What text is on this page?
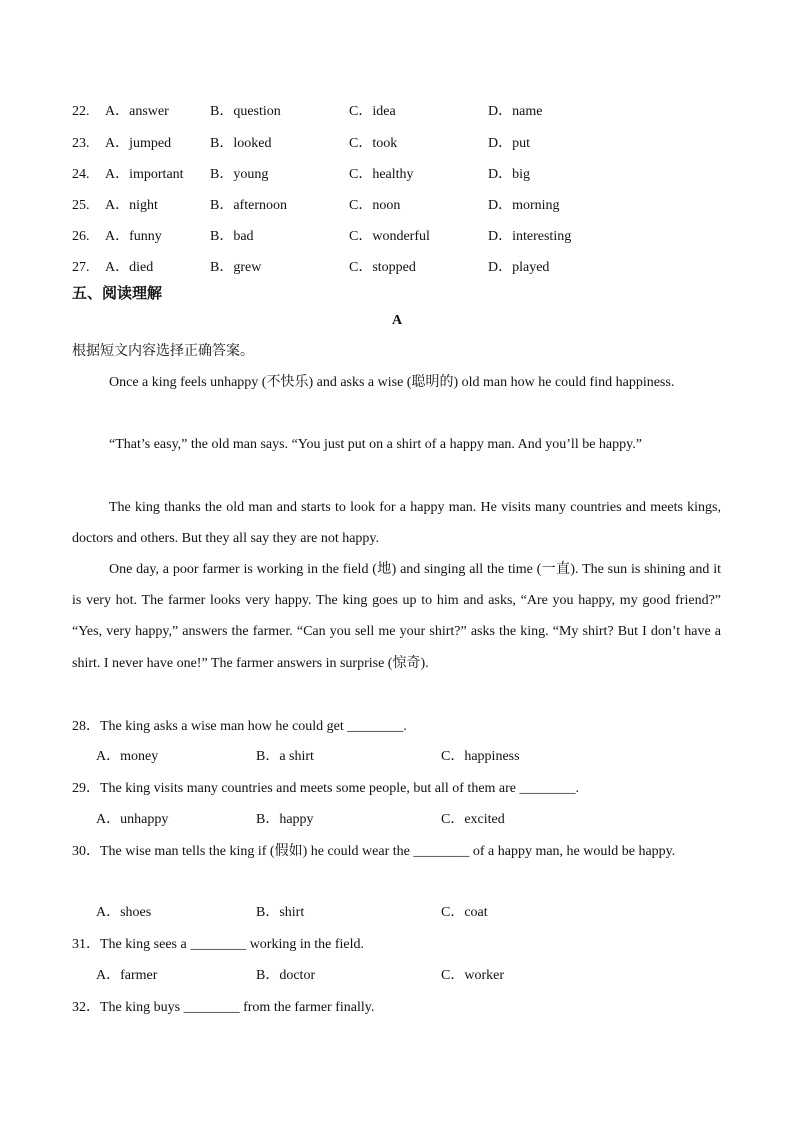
22. A．answer	B．question	C．idea	D．name
23. A．jumped	B．looked	C．took	D．put
24. A．important B．young	C．healthy	D．big
25. A．night	B．afternoon	C．noon	D．morning
26. A．funny	B．bad	C．wonderful	D．interesting
27. A．died	B．grew	C．stopped	D．played
五、阅读理解
A
根据短文内容选择正确答案。

Once a king feels unhappy (不快乐) and asks a wise (聪明的) old man how he could find happiness.

“That’s easy,” the old man says. “You just put on a shirt of a happy man. And you’ll be happy.”

The king thanks the old man and starts to look for a happy man. He visits many countries and meets kings, doctors and others. But they all say they are not happy.

One day, a poor farmer is working in the field (地) and singing all the time (一直). The sun is shining and it is very hot. The farmer looks very happy. The king goes up to him and asks, “Are you happy, my good friend?” “Yes, very happy,” answers the farmer. “Can you sell me your shirt?” asks the king. “My shirt? But I don’t have a shirt. I never have one!” The farmer answers in surprise (惊奇).

28．The king asks a wise man how he could get ________.

A．money	B．a shirt	C．happiness

29．The king visits many countries and meets some people, but all of them are ________.

A．unhappy	B．happy	C．excited

30．The wise man tells the king if (假如) he could wear the ________ of a happy man, he would be happy.

A．shoes	B．shirt	C．coat

31．The king sees a ________ working in the field.

A．farmer	B．doctor	C．worker

32．The king buys ________ from the farmer finally.
